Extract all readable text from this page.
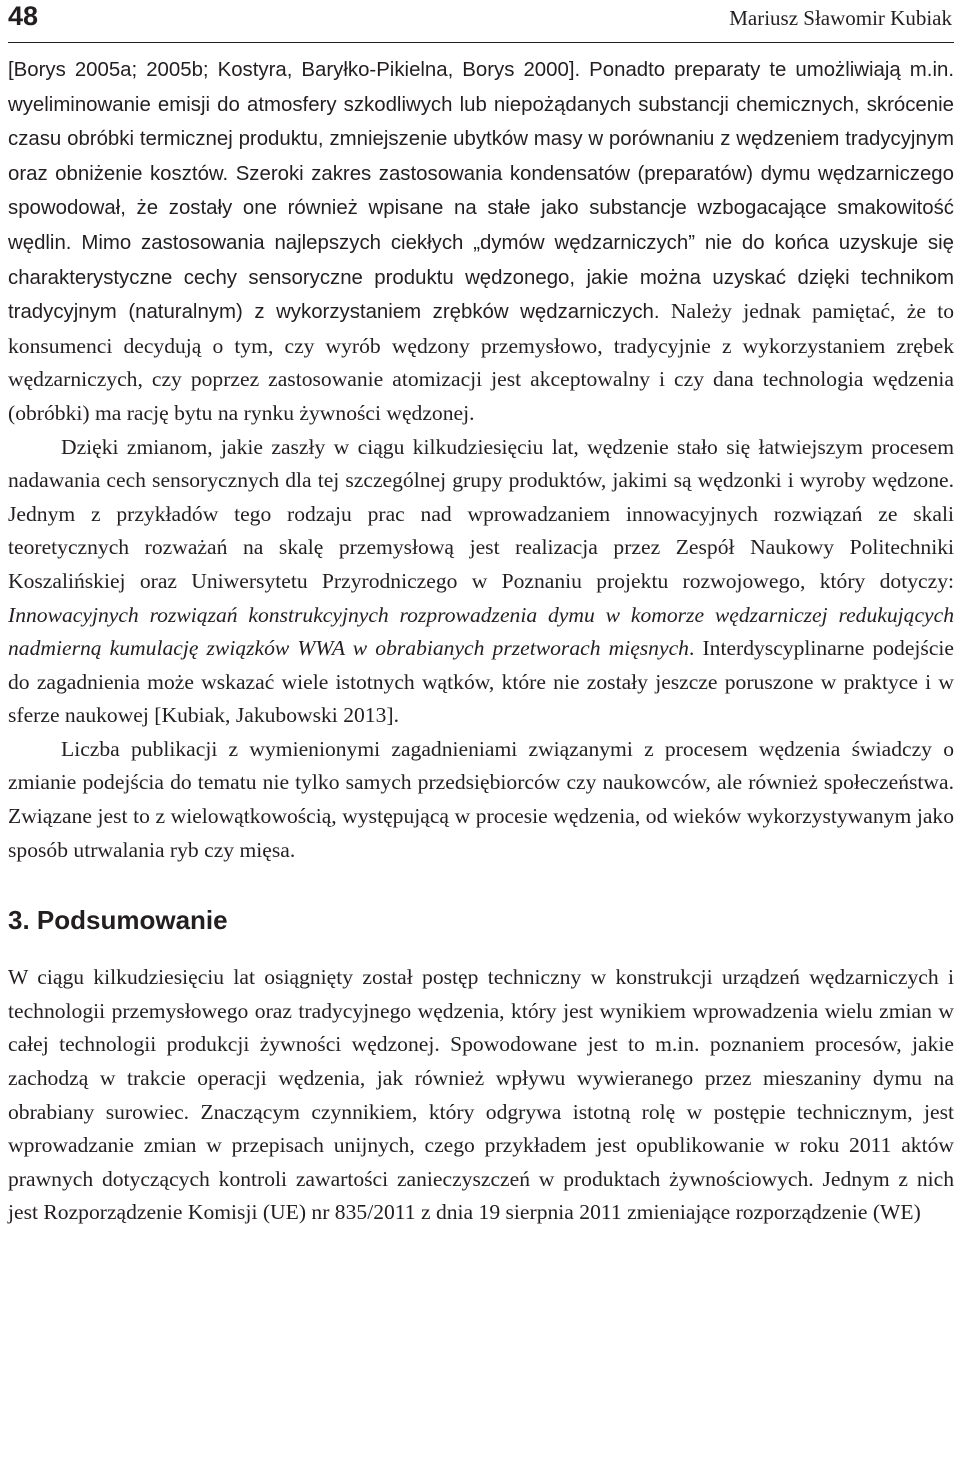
48	Mariusz Sławomir Kubiak

[Borys 2005a; 2005b; Kostyra, Baryłko-Pikielna, Borys 2000]. Ponadto preparaty te umożliwiają m.in. wyeliminowanie emisji do atmosfery szkodliwych lub niepożądanych substancji chemicznych, skrócenie czasu obróbki termicznej produktu, zmniejszenie ubytków masy w porównaniu z wędzeniem tradycyjnym oraz obniżenie kosztów. Szeroki zakres zastosowania kondensatów (preparatów) dymu wędzarniczego spowodował, że zostały one również wpisane na stałe jako substancje wzbogacające smakowitość wędlin. Mimo zastosowania najlepszych ciekłych „dymów wędzarniczych” nie do końca uzyskuje się charakterystyczne cechy sensoryczne produktu wędzonego, jakie można uzyskać dzięki technikom tradycyjnym (naturalnym) z wykorzystaniem zrębków wędzarniczych. Należy jednak pamiętać, że to konsumenci decydują o tym, czy wyrób wędzony przemysłowo, tradycyjnie z wykorzystaniem zrębek wędzarniczych, czy poprzez zastosowanie atomizacji jest akceptowalny i czy dana technologia wędzenia (obróbki) ma rację bytu na rynku żywności wędzonej.

Dzięki zmianom, jakie zaszły w ciągu kilkudziesięciu lat, wędzenie stało się łatwiejszym procesem nadawania cech sensorycznych dla tej szczególnej grupy produktów, jakimi są wędzonki i wyroby wędzone. Jednym z przykładów tego rodzaju prac nad wprowadzaniem innowacyjnych rozwiązań ze skali teoretycznych rozważań na skalę przemysłową jest realizacja przez Zespół Naukowy Politechniki Koszalińskiej oraz Uniwersytetu Przyrodniczego w Poznaniu projektu rozwojowego, który dotyczy: Innowacyjnych rozwiązań konstrukcyjnych rozprowadzenia dymu w komorze wędzarniczej redukujących nadmierną kumulację związków WWA w obrabianych przetworach mięsnych. Interdyscyplinarne podejście do zagadnienia może wskazać wiele istotnych wątków, które nie zostały jeszcze poruszone w praktyce i w sferze naukowej [Kubiak, Jakubowski 2013].

Liczba publikacji z wymienionymi zagadnieniami związanymi z procesem wędzenia świadczy o zmianie podejścia do tematu nie tylko samych przedsiębiorców czy naukowców, ale również społeczeństwa. Związane jest to z wielowątkowością, występującą w procesie wędzenia, od wieków wykorzystywanym jako sposób utrwalania ryb czy mięsa.

3. Podsumowanie

W ciągu kilkudziesięciu lat osiągnięty został postęp techniczny w konstrukcji urządzeń wędzarniczych i technologii przemysłowego oraz tradycyjnego wędzenia, który jest wynikiem wprowadzenia wielu zmian w całej technologii produkcji żywności wędzonej. Spowodowane jest to m.in. poznaniem procesów, jakie zachodzą w trakcie operacji wędzenia, jak również wpływu wywieranego przez mieszaniny dymu na obrabiany surowiec. Znaczącym czynnikiem, który odgrywa istotną rolę w postępie technicznym, jest wprowadzanie zmian w przepisach unijnych, czego przykładem jest opublikowanie w roku 2011 aktów prawnych dotyczących kontroli zawartości zanieczyszczeń w produktach żywnościowych. Jednym z nich jest Rozporządzenie Komisji (UE) nr 835/2011 z dnia 19 sierpnia 2011 zmieniające rozporządzenie (WE)
